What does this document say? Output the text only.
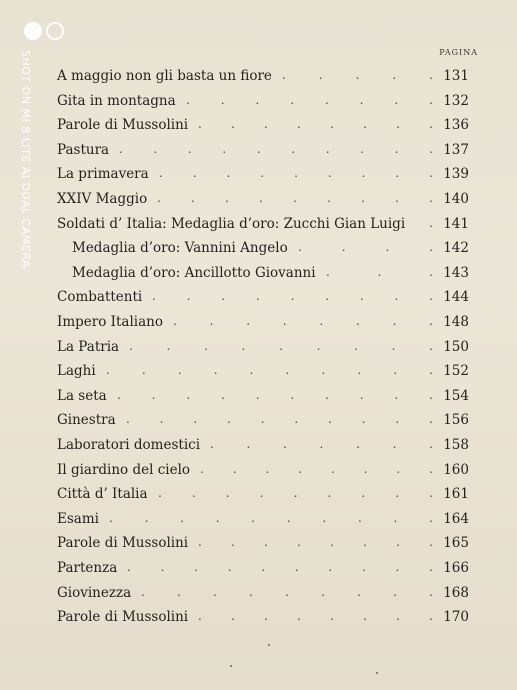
SHOT ON MI 8 LITE AI DUAL CAMERA	PAGINA
A maggio non gli basta un fiore .	.	.	.	. 131
Gita in montagna .	.	.	.	.	.	.	. 132
Parole di Mussolini . . . . . . . . 136
Pastura .	.	.	.	.	.	.	.	.	. 137
La primavera . . . . . . . . . 139
XXIV Maggio .	.	.	.	.	.	.	.	. 140
Soldati d’ Italia: Medaglia d’oro: Zucchi Gian Luigi	. 141
Medaglia d’oro: Vannini Angelo .	.	.	. 142
Medaglia d’oro: Ancillotto Giovanni .	.	. 143
Combattenti .	.	.	.	.	.	.	.	. 144
Impero Italiano .	.	.	.	.	.	.	. 148
La Patria .	.	.	.	.	.	.	.	. 150
Laghi .	.	.	.	.	.	.	.	.	. 152
La seta .	.	.	.	.	.	.	.	.	. 154
Ginestra . . . . . . . . . . 156
Laboratori domestici .	.	.	.	.	.	. 158
Il giardino del cielo . . . . . . . . 160
Città d’ Italia .	.	.	.	.	.	.	.	. 161
Esami .	.	.	.	.	.	.	.	.	. 164
Parole di Mussolini . . . . . . . . 165
Partenza . . . . . . . . . . 166
Giovinezza .	.	.	.	.	.	.	.	. 168
Parole di Mussolini . . . . . . . . 170
